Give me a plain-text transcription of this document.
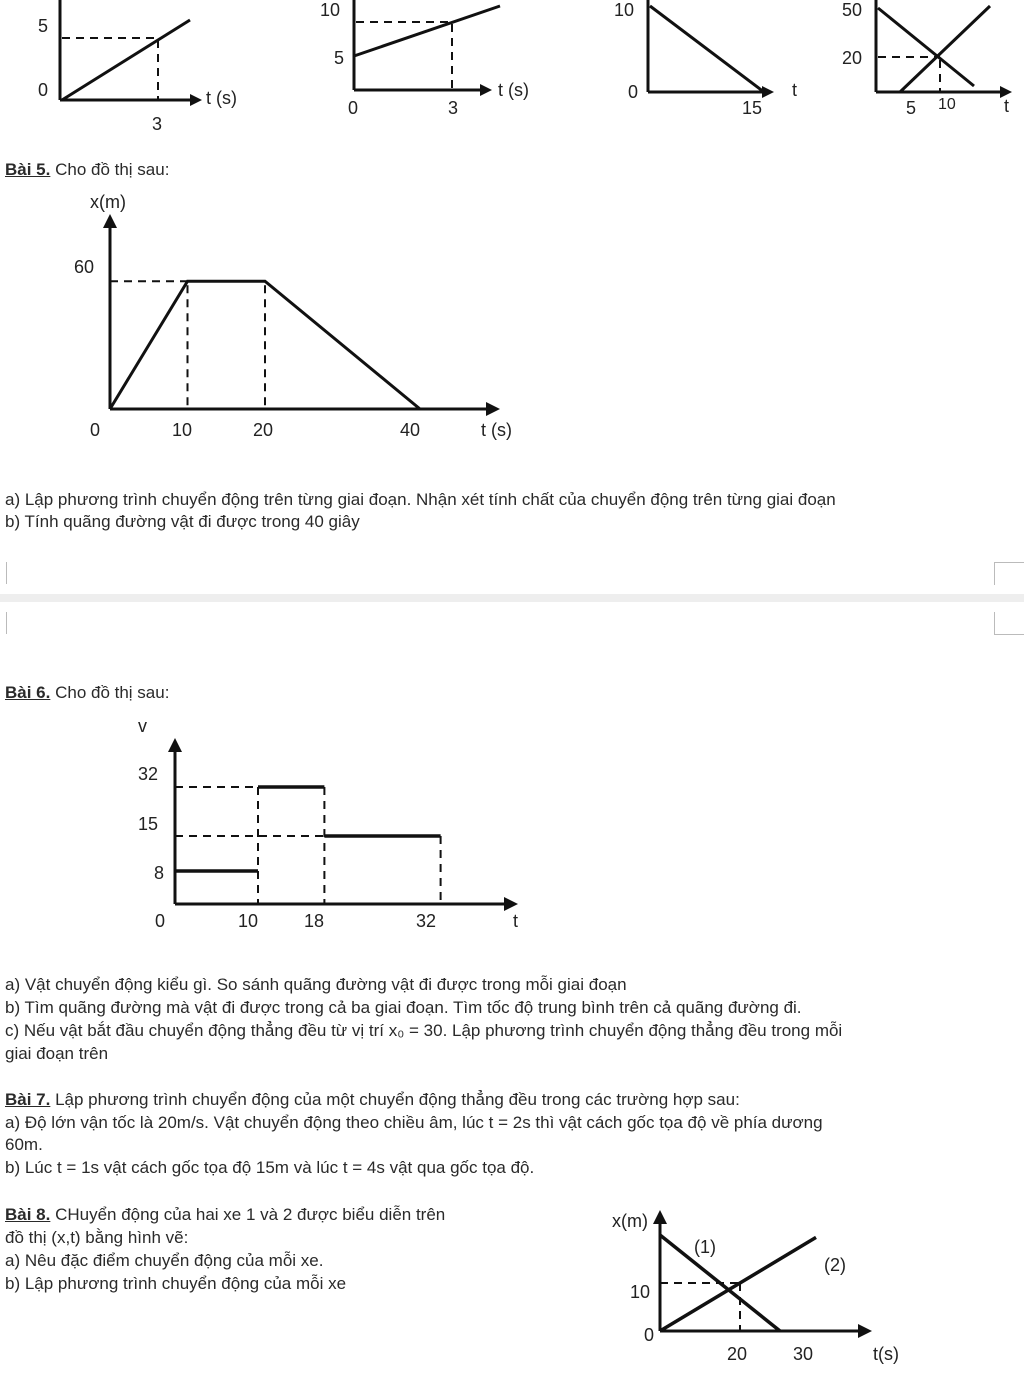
5
0
3
t (s)
10
5
0	3
t (s)
10
0
15
t
50
20
5 10	t
Bài 5. Cho đồ thị sau:
x(m)
60
0	10	20	40	t (s)
a) Lập phương trình chuyển động trên từng giai đoạn. Nhận xét tính chất của chuyển động trên từng giai đoạn
b) Tính quãng đường vật đi được trong 40 giây
Bài 6. Cho đồ thị sau:
v
32
15
8
0	10	18	32	t
a) Vật chuyển động kiểu gì. So sánh quãng đường vật đi được trong mỗi giai đoạn
b) Tìm quãng đường mà vật đi được trong cả ba giai đoạn. Tìm tốc độ trung bình trên cả quãng đường đi.
c) Nếu vật bắt đầu chuyển động thẳng đều từ vị trí x₀ = 30. Lập phương trình chuyển động thẳng đều trong mỗi
giai đoạn trên
Bài 7. Lập phương trình chuyển động của một chuyển động thẳng đều trong các trường hợp sau:
a) Độ lớn vận tốc là 20m/s. Vật chuyển động theo chiều âm, lúc t = 2s thì vật cách gốc tọa độ về phía dương
60m.
b) Lúc t = 1s vật cách gốc tọa độ 15m và lúc t = 4s vật qua gốc tọa độ.
Bài 8. CHuyển động của hai xe 1 và 2 được biểu diễn trên
đồ thị (x,t) bằng hình vẽ:
a) Nêu đặc điểm chuyển động của mỗi xe.
b) Lập phương trình chuyển động của mỗi xe
x(m)
(1)
(2)
10
0
20	30	t(s)
